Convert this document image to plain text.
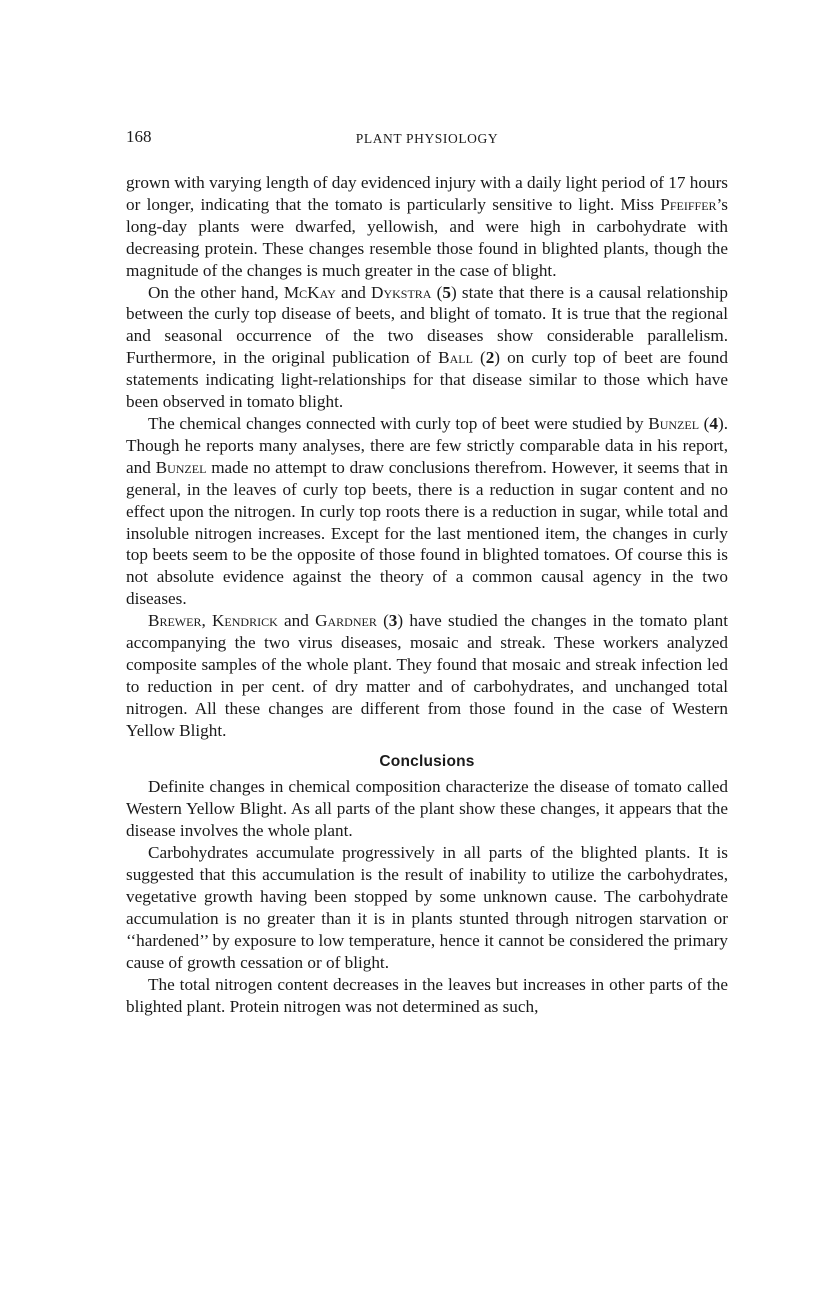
168	PLANT PHYSIOLOGY

grown with varying length of day evidenced injury with a daily light period of 17 hours or longer, indicating that the tomato is particularly sensitive to light. Miss Pfeiffer’s long-day plants were dwarfed, yellowish, and were high in carbohydrate with decreasing protein. These changes resemble those found in blighted plants, though the magnitude of the changes is much greater in the case of blight.

On the other hand, McKay and Dykstra (5) state that there is a causal relationship between the curly top disease of beets, and blight of tomato. It is true that the regional and seasonal occurrence of the two diseases show considerable parallelism. Furthermore, in the original publication of Ball (2) on curly top of beet are found statements indicating light-relationships for that disease similar to those which have been observed in tomato blight.

The chemical changes connected with curly top of beet were studied by Bunzel (4). Though he reports many analyses, there are few strictly comparable data in his report, and Bunzel made no attempt to draw conclusions therefrom. However, it seems that in general, in the leaves of curly top beets, there is a reduction in sugar content and no effect upon the nitrogen. In curly top roots there is a reduction in sugar, while total and insoluble nitrogen increases. Except for the last mentioned item, the changes in curly top beets seem to be the opposite of those found in blighted tomatoes. Of course this is not absolute evidence against the theory of a common causal agency in the two diseases.

Brewer, Kendrick and Gardner (3) have studied the changes in the tomato plant accompanying the two virus diseases, mosaic and streak. These workers analyzed composite samples of the whole plant. They found that mosaic and streak infection led to reduction in per cent. of dry matter and of carbohydrates, and unchanged total nitrogen. All these changes are different from those found in the case of Western Yellow Blight.

Conclusions

Definite changes in chemical composition characterize the disease of tomato called Western Yellow Blight. As all parts of the plant show these changes, it appears that the disease involves the whole plant.

Carbohydrates accumulate progressively in all parts of the blighted plants. It is suggested that this accumulation is the result of inability to utilize the carbohydrates, vegetative growth having been stopped by some unknown cause. The carbohydrate accumulation is no greater than it is in plants stunted through nitrogen starvation or ‘‘hardened’’ by exposure to low temperature, hence it cannot be considered the primary cause of growth cessation or of blight.

The total nitrogen content decreases in the leaves but increases in other parts of the blighted plant. Protein nitrogen was not determined as such,
